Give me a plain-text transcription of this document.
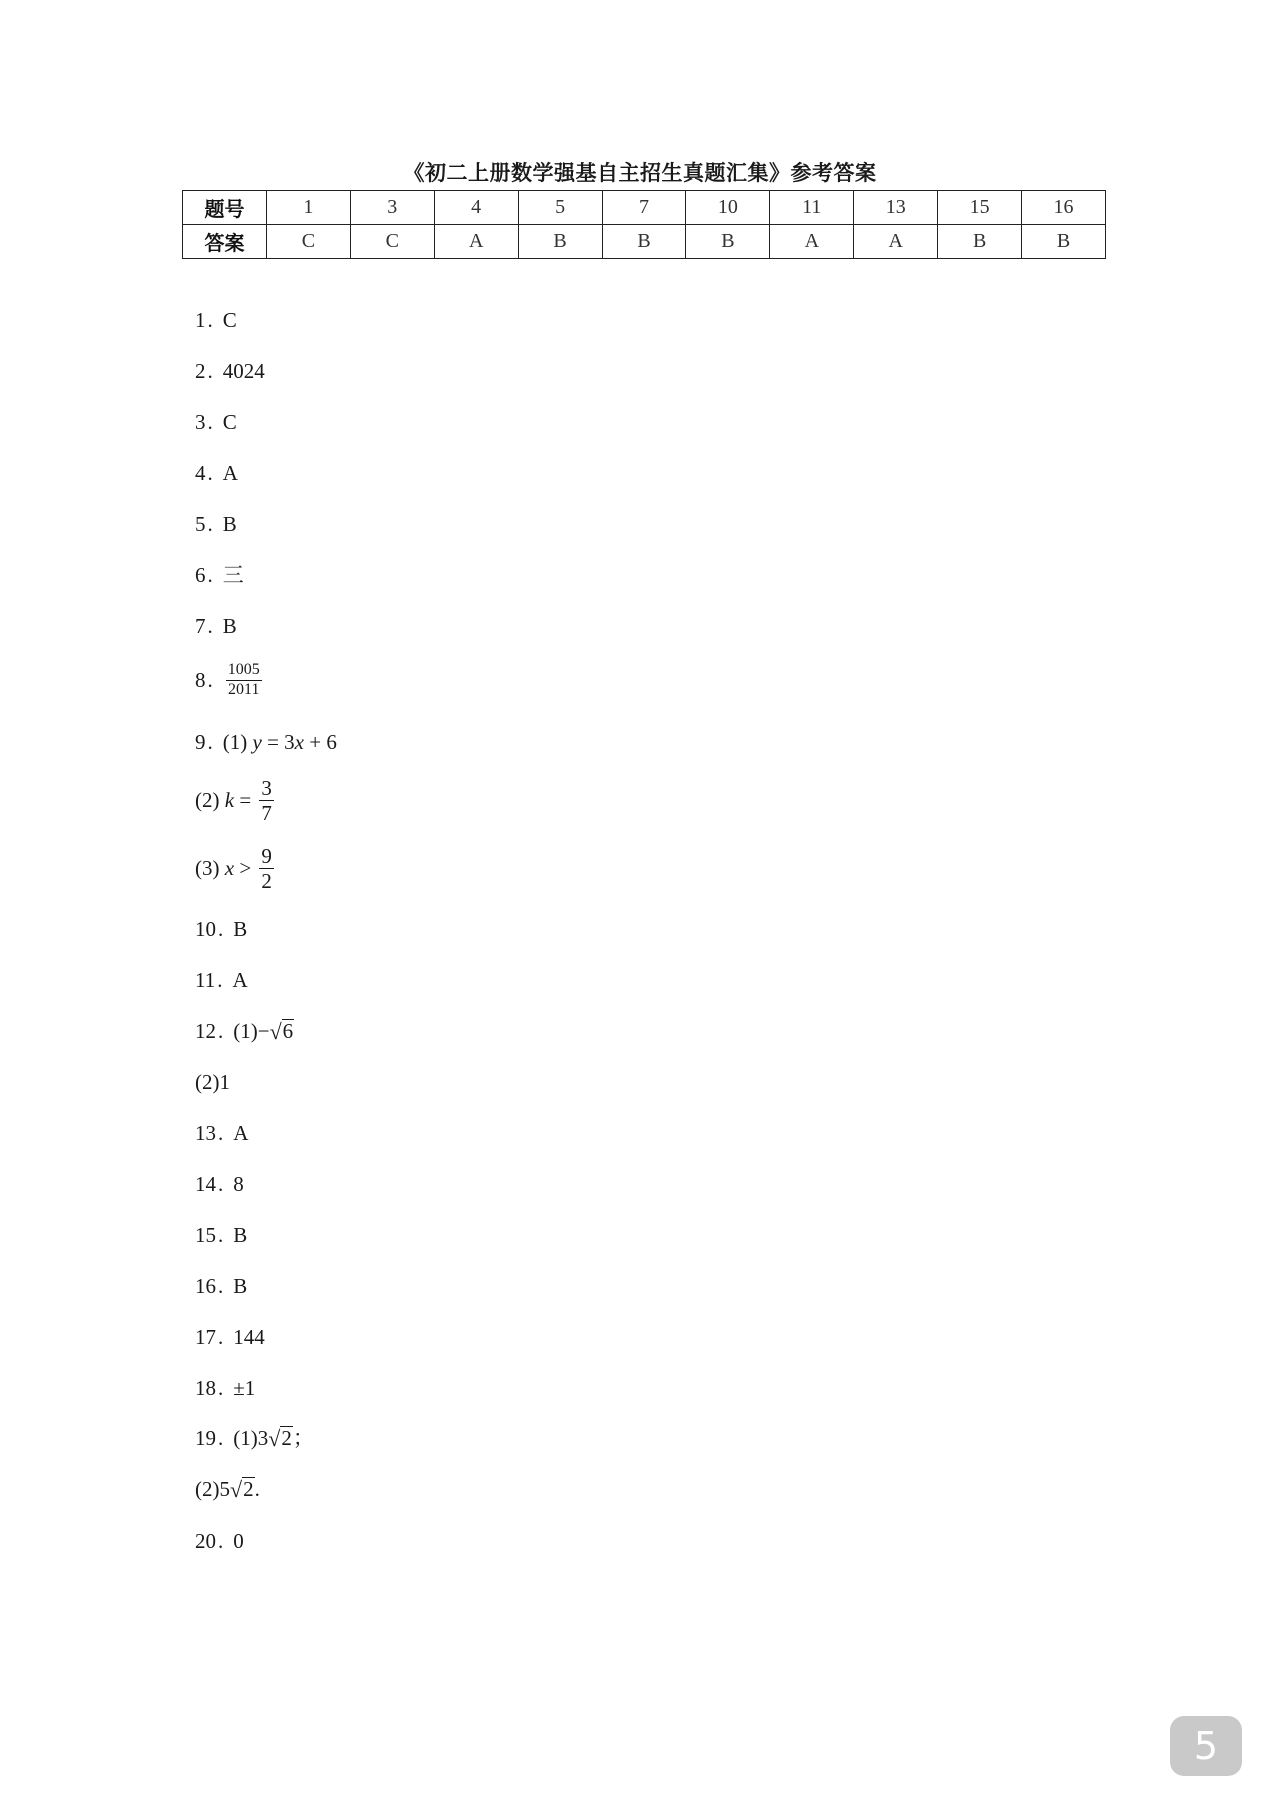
《初二上册数学强基自主招生真题汇集》参考答案
题号	1	3	4	5	7	10	11	13	15	16
答案	C	C	A	B	B	B	A	A	B	B
1 . C
2 . 4024
3 . C
4 . A
5 . B
6 . 三
7 . B
8 . $\frac{1005}{2011}$
9 . (1)
y = 3 x + 6
(2)
$k = \frac{3}{7}$
(3)
$x > \frac{9}{2}$
10 . B
11 . A
12 . (1) − √ 6
(2) 1
13 . A
14 . 8
15 . B
16 . B
17 . 144
18 . ±1
19 . (1) 3 √ 2 ；
(2) 5 √ 2 .
20 . 0
5
